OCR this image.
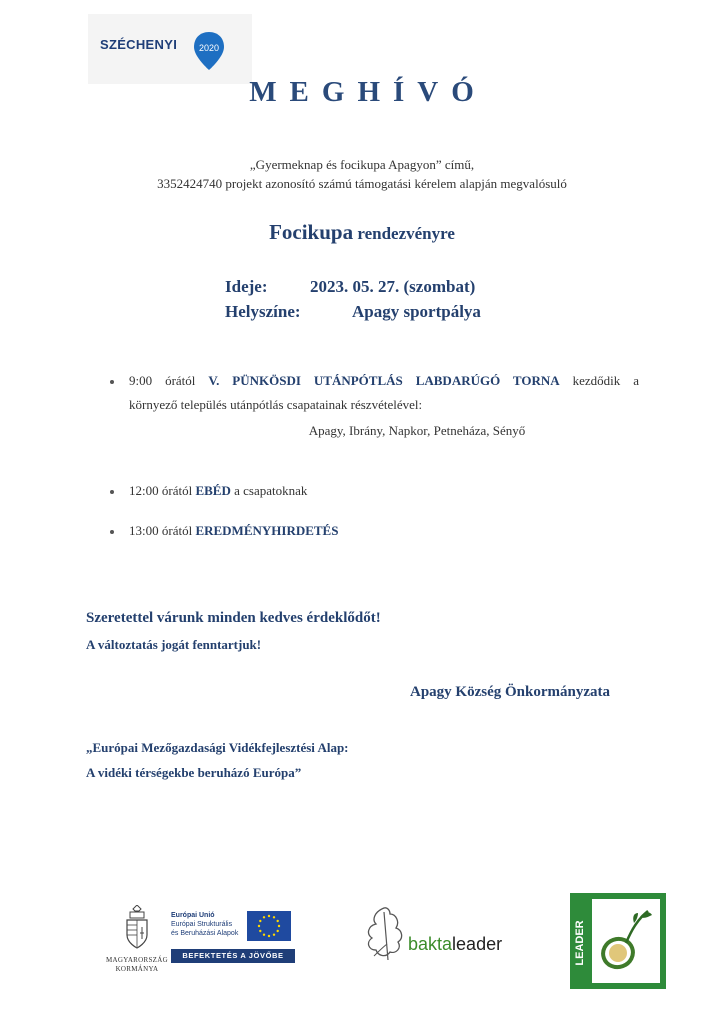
SZÉCHENYI 2020
MEGHÍVÓ
„Gyermeknap és focikupa Apagyon” című,
3352424740 projekt azonosító számú támogatási kérelem alapján megvalósuló
Focikupa rendezvényre
Ideje:	2023. 05. 27. (szombat)
Helyszíne:	Apagy sportpálya
9:00 órától V. PÜNKÖSDI UTÁNPÓTLÁS LABDARÚGÓ TORNA kezdődik a
környező település utánpótlás csapatainak részvételével:
Apagy, Ibrány, Napkor, Petneháza, Sényő
12:00 órától EBÉD a csapatoknak
13:00 órától EREDMÉNYHIRDETÉS
Szeretettel várunk minden kedves érdeklődőt!
A változtatás jogát fenntartjuk!
Apagy Község Önkormányzata
„Európai Mezőgazdasági Vidékfejlesztési Alap:
A vidéki térségekbe beruházó Európa”
MAGYARORSZÁG
KORMÁNYA
Európai Unió
Európai Strukturális
és Beruházási Alapok
BEFEKTETÉS A JÖVŐBE
baktaleader	LEADER
